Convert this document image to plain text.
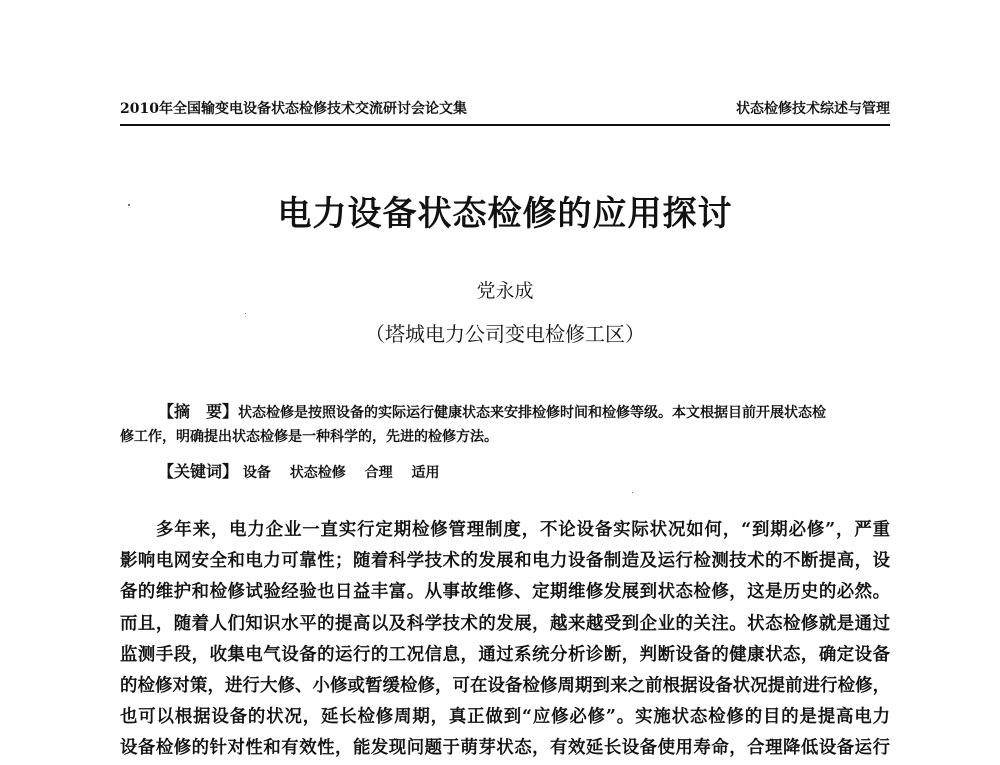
2010年全国输变电设备状态检修技术交流研讨会论文集	状态检修技术综述与管理
电力设备状态检修的应用探讨
党永成
（塔城电力公司变电检修工区）

【摘　要】状态检修是按照设备的实际运行健康状态来安排检修时间和检修等级。本文根据目前开展状态检

修工作，明确提出状态检修是一种科学的，先进的检修方法。

【关键词】 设备 状态检修 合理 适用
多年来，电力企业一直实行定期检修管理制度，不论设备实际状况如何，“到期必修”，严重
影响电网安全和电力可靠性；随着科学技术的发展和电力设备制造及运行检测技术的不断提高，设
备的维护和检修试验经验也日益丰富。从事故维修、定期维修发展到状态检修，这是历史的必然。
而且，随着人们知识水平的提高以及科学技术的发展，越来越受到企业的关注。状态检修就是通过
监测手段，收集电气设备的运行的工况信息，通过系统分析诊断，判断设备的健康状态，确定设备
的检修对策，进行大修、小修或暂缓检修，可在设备检修周期到来之前根据设备状况提前进行检修，
也可以根据设备的状况，延长检修周期，真正做到“应修必修”。实施状态检修的目的是提高电力
设备检修的针对性和有效性，能发现问题于萌芽状态，有效延长设备使用寿命，合理降低设备运行
